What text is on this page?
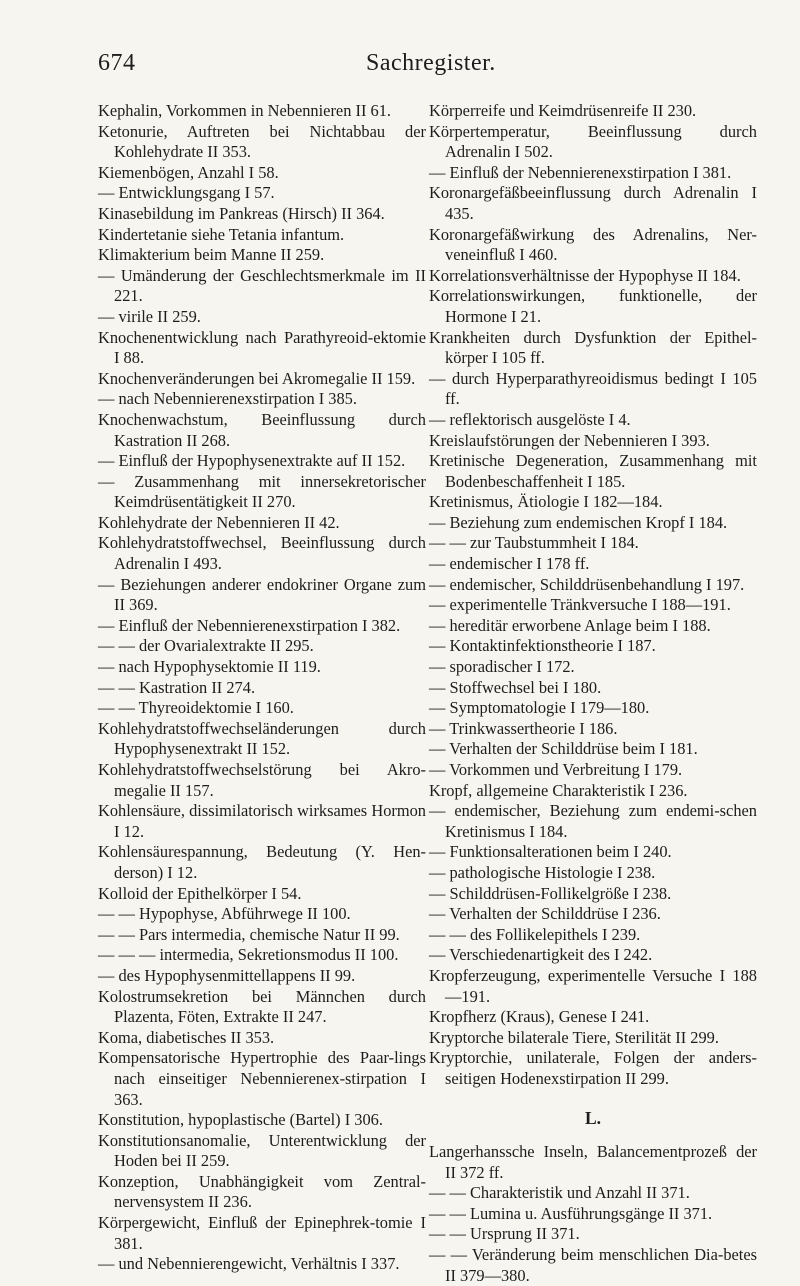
674	Sachregister.
Kephalin, Vorkommen in Nebennieren II 61.
Ketonurie, Auftreten bei Nichtabbau der Kohlehydrate II 353.
Kiemenbögen, Anzahl I 58.
— Entwicklungsgang I 57.
Kinasebildung im Pankreas (Hirsch) II 364.
Kindertetanie siehe Tetania infantum.
Klimakterium beim Manne II 259.
— Umänderung der Geschlechtsmerkmale im II 221.
— virile II 259.
Knochenentwicklung nach Parathyreoid-ektomie I 88.
Knochenveränderungen bei Akromegalie II 159.
— nach Nebennierenexstirpation I 385.
Knochenwachstum, Beeinflussung durch Kastration II 268.
— Einfluß der Hypophysenextrakte auf II 152.
— Zusammenhang mit innersekretorischer Keimdrüsentätigkeit II 270.
Kohlehydrate der Nebennieren II 42.
Kohlehydratstoffwechsel, Beeinflussung durch Adrenalin I 493.
— Beziehungen anderer endokriner Organe zum II 369.
— Einfluß der Nebennierenexstirpation I 382.
— — der Ovarialextrakte II 295.
— nach Hypophysektomie II 119.
— — Kastration II 274.
— — Thyreoidektomie I 160.
Kohlehydratstoffwechseländerungen durch Hypophysenextrakt II 152.
Kohlehydratstoffwechselstörung bei Akro-megalie II 157.
Kohlensäure, dissimilatorisch wirksames Hormon I 12.
Kohlensäurespannung, Bedeutung (Y. Hen-derson) I 12.
Kolloid der Epithelkörper I 54.
— — Hypophyse, Abführwege II 100.
— — Pars intermedia, chemische Natur II 99.
— — — intermedia, Sekretionsmodus II 100.
— des Hypophysenmittellappens II 99.
Kolostrumsekretion bei Männchen durch Plazenta, Föten, Extrakte II 247.
Koma, diabetisches II 353.
Kompensatorische Hypertrophie des Paar-lings nach einseitiger Nebennierenex-stirpation I 363.
Konstitution, hypoplastische (Bartel) I 306.
Konstitutionsanomalie, Unterentwicklung der Hoden bei II 259.
Konzeption, Unabhängigkeit vom Zentral-nervensystem II 236.
Körpergewicht, Einfluß der Epinephrek-tomie I 381.
— und Nebennierengewicht, Verhältnis I 337.
Körperreife und Keimdrüsenreife II 230.
Körpertemperatur, Beeinflussung durch Adrenalin I 502.
— Einfluß der Nebennierenexstirpation I 381.
Koronargefäßbeeinflussung durch Adrenalin I 435.
Koronargefäßwirkung des Adrenalins, Ner-veneinfluß I 460.
Korrelationsverhältnisse der Hypophyse II 184.
Korrelationswirkungen, funktionelle, der Hormone I 21.
Krankheiten durch Dysfunktion der Epithel-körper I 105 ff.
— durch Hyperparathyreoidismus bedingt I 105 ff.
— reflektorisch ausgelöste I 4.
Kreislaufstörungen der Nebennieren I 393.
Kretinische Degeneration, Zusammenhang mit Bodenbeschaffenheit I 185.
Kretinismus, Ätiologie I 182—184.
— Beziehung zum endemischen Kropf I 184.
— — zur Taubstummheit I 184.
— endemischer I 178 ff.
— endemischer, Schilddrüsenbehandlung I 197.
— experimentelle Tränkversuche I 188—191.
— hereditär erworbene Anlage beim I 188.
— Kontaktinfektionstheorie I 187.
— sporadischer I 172.
— Stoffwechsel bei I 180.
— Symptomatologie I 179—180.
— Trinkwassertheorie I 186.
— Verhalten der Schilddrüse beim I 181.
— Vorkommen und Verbreitung I 179.
Kropf, allgemeine Charakteristik I 236.
— endemischer, Beziehung zum endemi-schen Kretinismus I 184.
— Funktionsalterationen beim I 240.
— pathologische Histologie I 238.
— Schilddrüsen-Follikelgröße I 238.
— Verhalten der Schilddrüse I 236.
— — des Follikelepithels I 239.
— Verschiedenartigkeit des I 242.
Kropferzeugung, experimentelle Versuche I 188—191.
Kropfherz (Kraus), Genese I 241.
Kryptorche bilaterale Tiere, Sterilität II 299.
Kryptorchie, unilaterale, Folgen der anders-seitigen Hodenexstirpation II 299.
L.
Langerhanssche Inseln, Balancementprozeß der II 372 ff.
— — Charakteristik und Anzahl II 371.
— — Lumina u. Ausführungsgänge II 371.
— — Ursprung II 371.
— — Veränderung beim menschlichen Dia-betes II 379—380.
